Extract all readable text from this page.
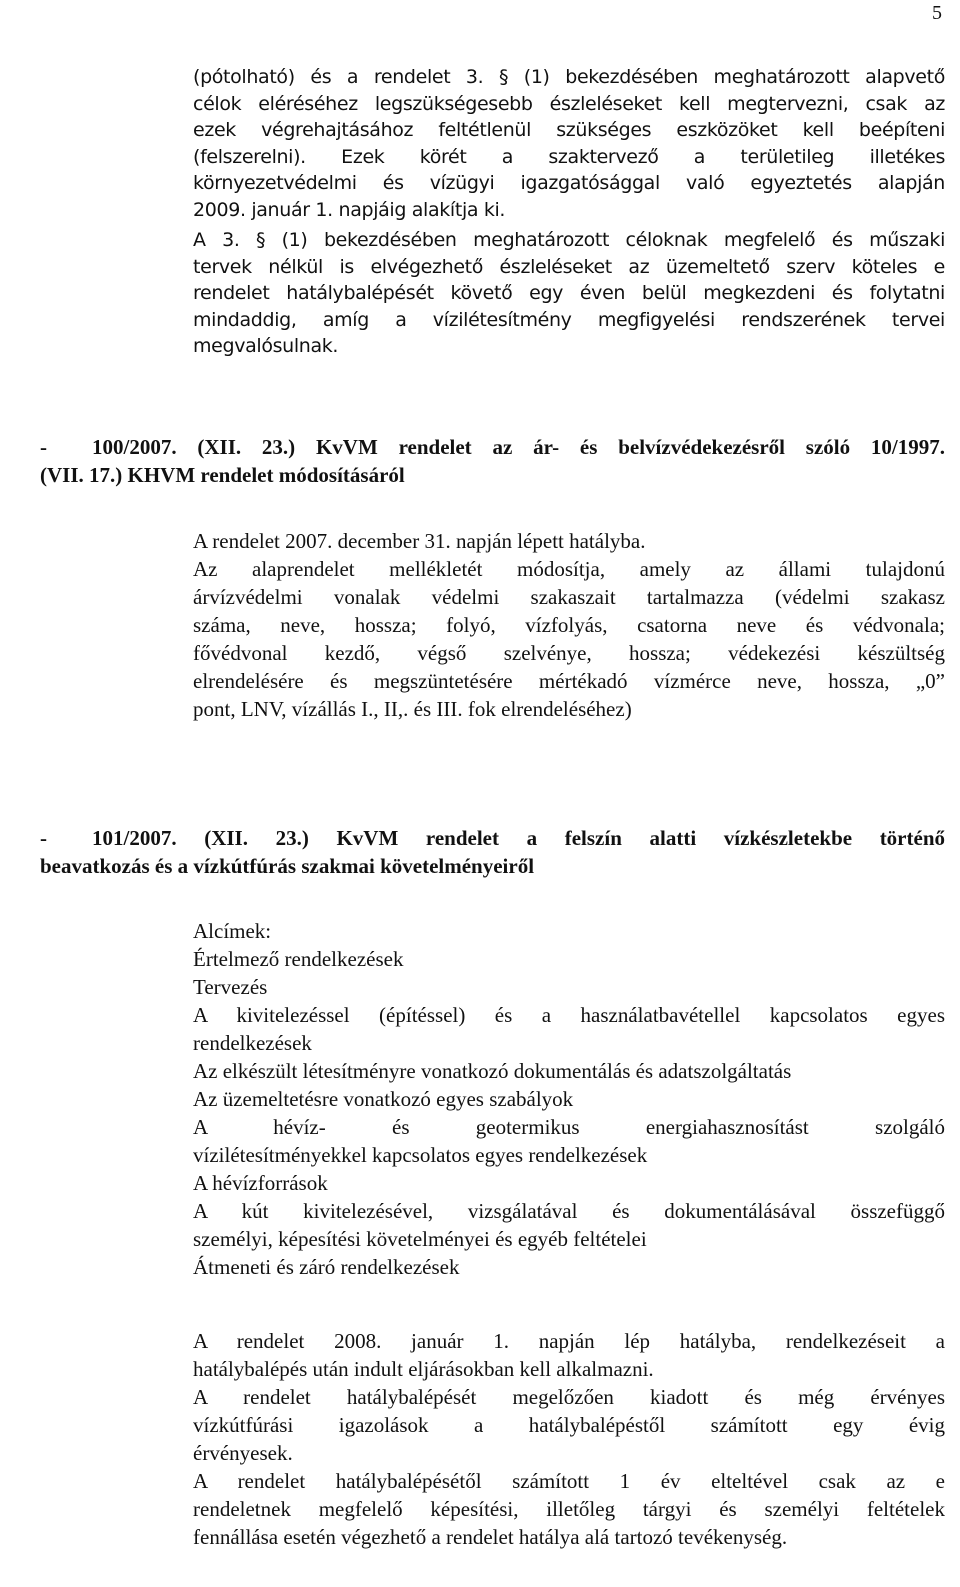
5
(pótolható) és a rendelet 3. § (1) bekezdésében meghatározott alapvető
célok eléréséhez legszükségesebb észleléseket kell megtervezni, csak az
ezek végrehajtásához feltétlenül szükséges eszközöket kell beépíteni
(felszerelni). Ezek körét a szaktervező a területileg illetékes
környezetvédelmi és vízügyi igazgatósággal való egyeztetés alapján
2009. január 1. napjáig alakítja ki.
A 3. § (1) bekezdésében meghatározott céloknak megfelelő és műszaki
tervek nélkül is elvégezhető észleléseket az üzemeltető szerv köteles e
rendelet hatálybalépését követő egy éven belül megkezdeni és folytatni
mindaddig, amíg a vízilétesítmény megfigyelési rendszerének tervei
megvalósulnak.
- 100/2007. (XII. 23.) KvVM rendelet az ár- és belvízvédekezésről szóló 10/1997.
(VII. 17.) KHVM rendelet módosításáról
A rendelet 2007. december 31. napján lépett hatályba.
Az alaprendelet mellékletét módosítja, amely az állami tulajdonú
árvízvédelmi vonalak védelmi szakaszait tartalmazza (védelmi szakasz
száma, neve, hossza; folyó, vízfolyás, csatorna neve és védvonala;
fővédvonal kezdő, végső szelvénye, hossza; védekezési készültség
elrendelésére és megszüntetésére mértékadó vízmérce neve, hossza, „0”
pont, LNV, vízállás I., II,. és III. fok elrendeléséhez)
- 101/2007. (XII. 23.) KvVM rendelet a felszín alatti vízkészletekbe történő
beavatkozás és a vízkútfúrás szakmai követelményeiről
Alcímek:
Értelmező rendelkezések
Tervezés
A kivitelezéssel (építéssel) és a használatbavétellel kapcsolatos egyes
rendelkezések
Az elkészült létesítményre vonatkozó dokumentálás és adatszolgáltatás
Az üzemeltetésre vonatkozó egyes szabályok
A hévíz- és geotermikus energiahasznosítást szolgáló
vízilétesítményekkel kapcsolatos egyes rendelkezések
A hévízforrások
A kút kivitelezésével, vizsgálatával és dokumentálásával összefüggő
személyi, képesítési követelményei és egyéb feltételei
Átmeneti és záró rendelkezések
A rendelet 2008. január 1. napján lép hatályba, rendelkezéseit a
hatálybalépés után indult eljárásokban kell alkalmazni.
A rendelet hatálybalépését megelőzően kiadott és még érvényes
vízkútfúrási igazolások a hatálybalépéstől számított egy évig
érvényesek.
A rendelet hatálybalépésétől számított 1 év elteltével csak az e
rendeletnek megfelelő képesítési, illetőleg tárgyi és személyi feltételek
fennállása esetén végezhető a rendelet hatálya alá tartozó tevékenység.
